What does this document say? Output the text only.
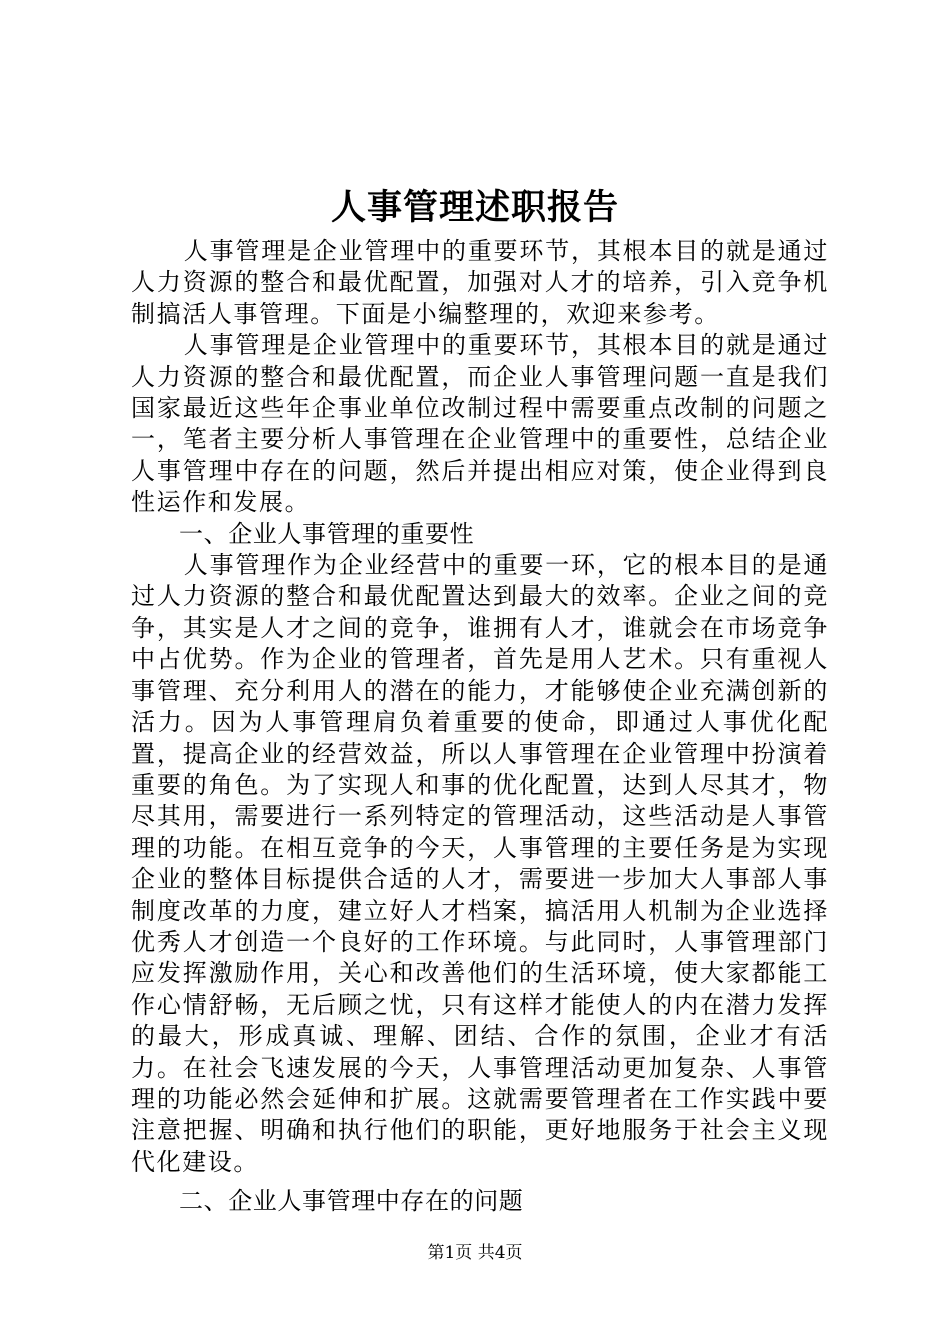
人事管理述职报告

人事管理是企业管理中的重要环节，其根本目的就是通过人力资源的整合和最优配置，加强对人才的培养，引入竞争机制搞活人事管理。下面是小编整理的，欢迎来参考。

人事管理是企业管理中的重要环节，其根本目的就是通过人力资源的整合和最优配置，而企业人事管理问题一直是我们国家最近这些年企事业单位改制过程中需要重点改制的问题之一，笔者主要分析人事管理在企业管理中的重要性，总结企业人事管理中存在的问题，然后并提出相应对策，使企业得到良性运作和发展。

一、企业人事管理的重要性

人事管理作为企业经营中的重要一环，它的根本目的是通过人力资源的整合和最优配置达到最大的效率。企业之间的竞争，其实是人才之间的竞争，谁拥有人才，谁就会在市场竞争中占优势。作为企业的管理者，首先是用人艺术。只有重视人事管理、充分利用人的潜在的能力，才能够使企业充满创新的活力。因为人事管理肩负着重要的使命，即通过人事优化配置，提高企业的经营效益，所以人事管理在企业管理中扮演着重要的角色。为了实现人和事的优化配置，达到人尽其才，物尽其用，需要进行一系列特定的管理活动，这些活动是人事管理的功能。在相互竞争的今天，人事管理的主要任务是为实现企业的整体目标提供合适的人才，需要进一步加大人事部人事制度改革的力度，建立好人才档案，搞活用人机制为企业选择优秀人才创造一个良好的工作环境。与此同时，人事管理部门应发挥激励作用，关心和改善他们的生活环境，使大家都能工作心情舒畅，无后顾之忧，只有这样才能使人的内在潜力发挥的最大，形成真诚、理解、团结、合作的氛围，企业才有活力。在社会飞速发展的今天，人事管理活动更加复杂、人事管理的功能必然会延伸和扩展。这就需要管理者在工作实践中要注意把握、明确和执行他们的职能，更好地服务于社会主义现代化建设。

二、企业人事管理中存在的问题
第1页 共4页
